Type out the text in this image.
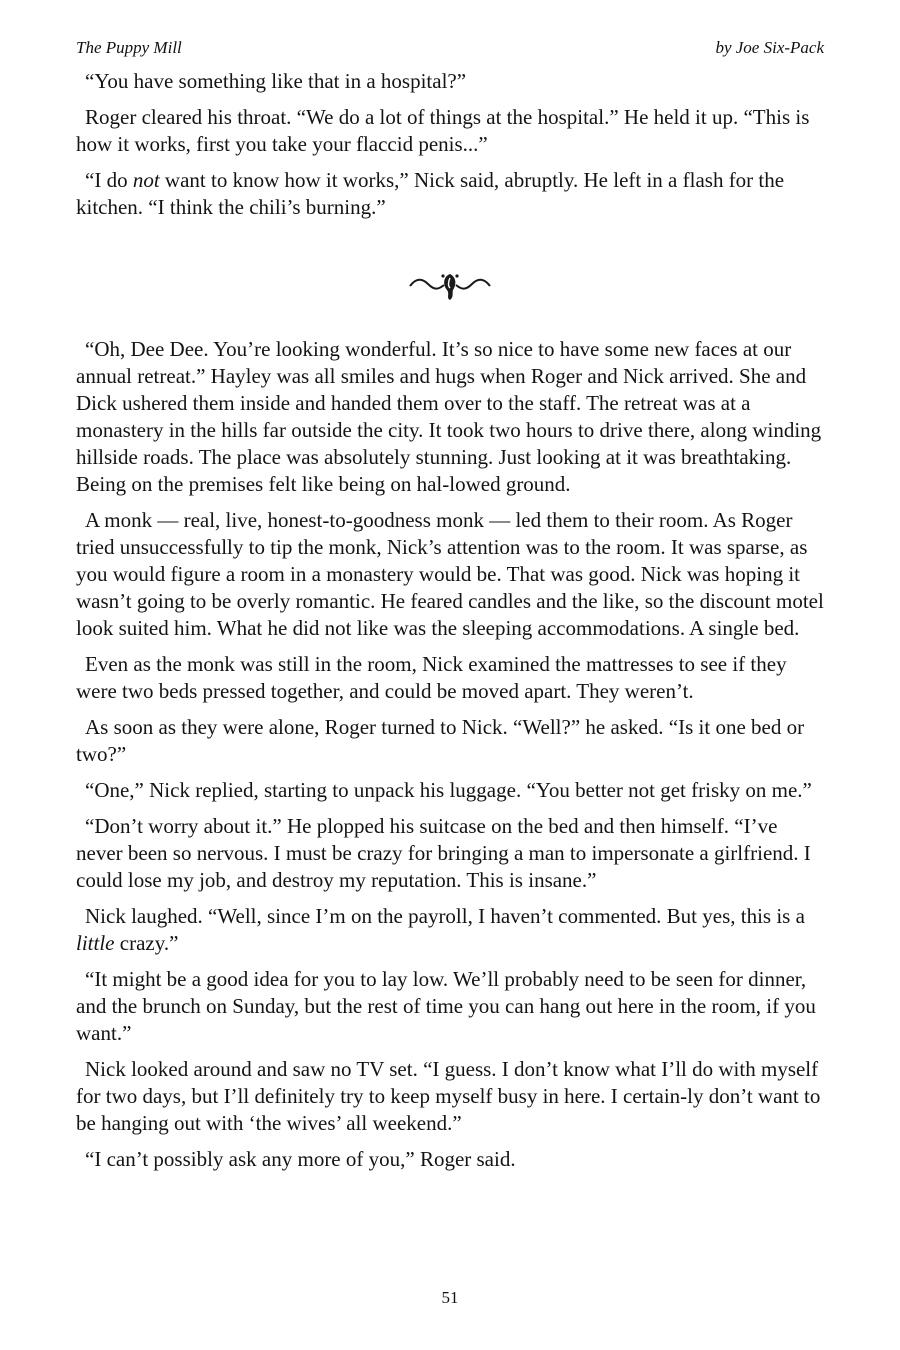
The Puppy Mill	by Joe Six-Pack

“You have something like that in a hospital?”

Roger cleared his throat. “We do a lot of things at the hospital.” He held it up. “This is how it works, first you take your flaccid penis...”

“I do not want to know how it works,” Nick said, abruptly. He left in a flash for the kitchen. “I think the chili’s burning.”

“Oh, Dee Dee. You’re looking wonderful. It’s so nice to have some new faces at our annual retreat.” Hayley was all smiles and hugs when Roger and Nick arrived. She and Dick ushered them inside and handed them over to the staff. The retreat was at a monastery in the hills far outside the city. It took two hours to drive there, along winding hillside roads. The place was absolutely stunning. Just looking at it was breathtaking. Being on the premises felt like being on hal-lowed ground.

A monk — real, live, honest-to-goodness monk — led them to their room. As Roger tried unsuccessfully to tip the monk, Nick’s attention was to the room. It was sparse, as you would figure a room in a monastery would be. That was good. Nick was hoping it wasn’t going to be overly romantic. He feared candles and the like, so the discount motel look suited him. What he did not like was the sleeping accommodations. A single bed.

Even as the monk was still in the room, Nick examined the mattresses to see if they were two beds pressed together, and could be moved apart. They weren’t.

As soon as they were alone, Roger turned to Nick. “Well?” he asked. “Is it one bed or two?”

“One,” Nick replied, starting to unpack his luggage. “You better not get frisky on me.”

“Don’t worry about it.” He plopped his suitcase on the bed and then himself. “I’ve never been so nervous. I must be crazy for bringing a man to impersonate a girlfriend. I could lose my job, and destroy my reputation. This is insane.”

Nick laughed. “Well, since I’m on the payroll, I haven’t commented. But yes, this is a little crazy.”

“It might be a good idea for you to lay low. We’ll probably need to be seen for dinner, and the brunch on Sunday, but the rest of time you can hang out here in the room, if you want.”

Nick looked around and saw no TV set. “I guess. I don’t know what I’ll do with myself for two days, but I’ll definitely try to keep myself busy in here. I certain-ly don’t want to be hanging out with ‘the wives’ all weekend.”

“I can’t possibly ask any more of you,” Roger said.

51
